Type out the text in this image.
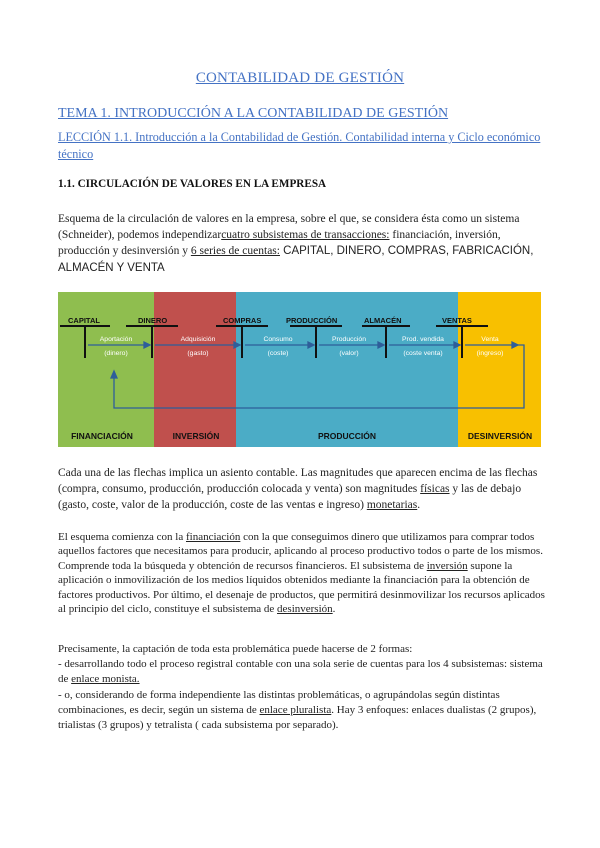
CONTABILIDAD DE GESTIÓN
TEMA 1. INTRODUCCIÓN A LA CONTABILIDAD DE GESTIÓN
LECCIÓN 1.1. Introducción a la Contabilidad de Gestión. Contabilidad interna y Ciclo económico técnico
1.1. CIRCULACIÓN DE VALORES EN LA EMPRESA
Esquema de la circulación de valores en la empresa, sobre el que, se considera ésta como un sistema (Schneider), podemos independizarcuatro subsistemas de transacciones: financiación, inversión, producción y desinversión y 6 series de cuentas: CAPITAL, DINERO, COMPRAS, FABRICACIÓN, ALMACÉN Y VENTA
CAPITAL	DINERO	COMPRAS	PRODUCCIÓN	ALMACÉN	VENTAS
Aportación
(dinero)
Adquisición
(gasto)
Consumo
(coste)
Producción
(valor)
Prod. vendida
(coste venta)
Venta
(ingreso)
FINANCIACIÓN	INVERSIÓN	PRODUCCIÓN	DESINVERSIÓN
Cada una de las flechas implica un asiento contable. Las magnitudes que aparecen encima de las flechas (compra, consumo, producción, producción colocada y venta) son magnitudes físicas y las de debajo (gasto, coste, valor de la producción, coste de las ventas e ingreso) monetarias.
El esquema comienza con la financiación con la que conseguimos dinero que utilizamos para comprar todos aquellos factores que necesitamos para producir, aplicando al proceso productivo todos o parte de los mismos. Comprende toda la búsqueda y obtención de recursos financieros. El subsistema de inversión supone la aplicación o inmovilización de los medios líquidos obtenidos mediante la financiación para la obtención de factores productivos. Por último, el desenaje de productos, que permitirá desinmovilizar los recursos aplicados al principio del ciclo, constituye el subsistema de desinversión.
Precisamente, la captación de toda esta problemática puede hacerse de 2 formas:
- desarrollando todo el proceso registral contable con una sola serie de cuentas para los 4 subsistemas: sistema de enlace monista.
- o, considerando de forma independiente las distintas problemáticas, o agrupándolas según distintas combinaciones, es decir, según un sistema de enlace pluralista. Hay 3 enfoques: enlaces dualistas (2 grupos), trialistas (3 grupos) y tetralista ( cada subsistema por separado).
